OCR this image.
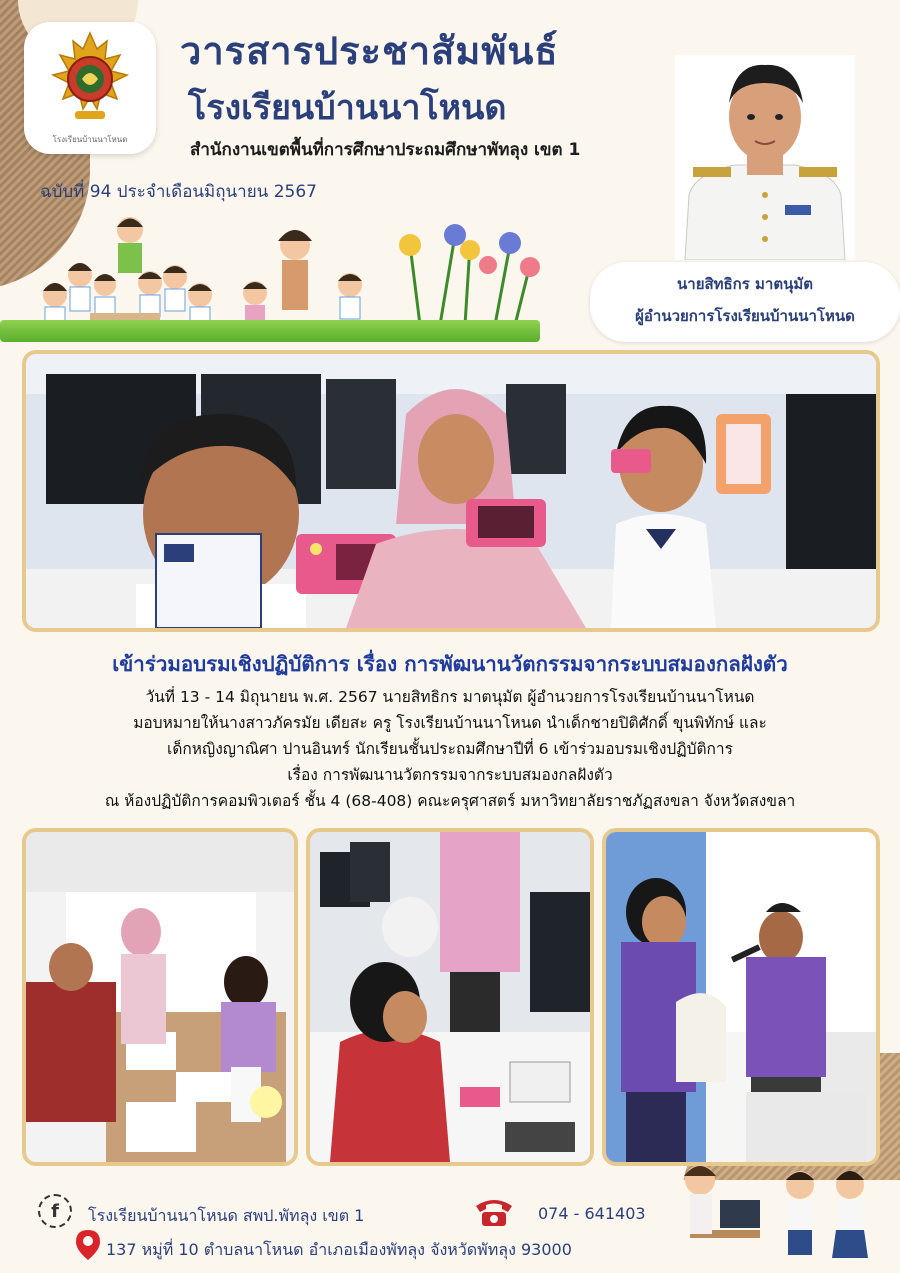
โรงเรียนบ้านนาโหนด
วารสารประชาสัมพันธ์
โรงเรียนบ้านนาโหนด
สำนักงานเขตพื้นที่การศึกษาประถมศึกษาพัทลุง เขต 1
ฉบับที่ 94 ประจำเดือนมิถุนายน 2567
นายสิทธิกร มาตนุมัต
ผู้อำนวยการโรงเรียนบ้านนาโหนด
เข้าร่วมอบรมเชิงปฏิบัติการ เรื่อง การพัฒนานวัตกรรมจากระบบสมองกลฝังตัว
วันที่ 13 - 14 มิถุนายน พ.ศ. 2567 นายสิทธิกร มาตนุมัต ผู้อำนวยการโรงเรียนบ้านนาโหนด
มอบหมายให้นางสาวภัครมัย เดียสะ ครู โรงเรียนบ้านนาโหนด นำเด็กชายปิติศักดิ์ ขุนพิทักษ์ และ
เด็กหญิงญาณิศา ปานอินทร์ นักเรียนชั้นประถมศึกษาปีที่ 6 เข้าร่วมอบรมเชิงปฏิบัติการ
เรื่อง การพัฒนานวัตกรรมจากระบบสมองกลฝังตัว
ณ ห้องปฏิบัติการคอมพิวเตอร์ ชั้น 4 (68-408) คณะครุศาสตร์ มหาวิทยาลัยราชภัฏสงขลา จังหวัดสงขลา
f	โรงเรียนบ้านนาโหนด สพป.พัทลุง เขต 1	074 - 641403
137 หมู่ที่ 10 ตำบลนาโหนด อำเภอเมืองพัทลุง จังหวัดพัทลุง 93000
